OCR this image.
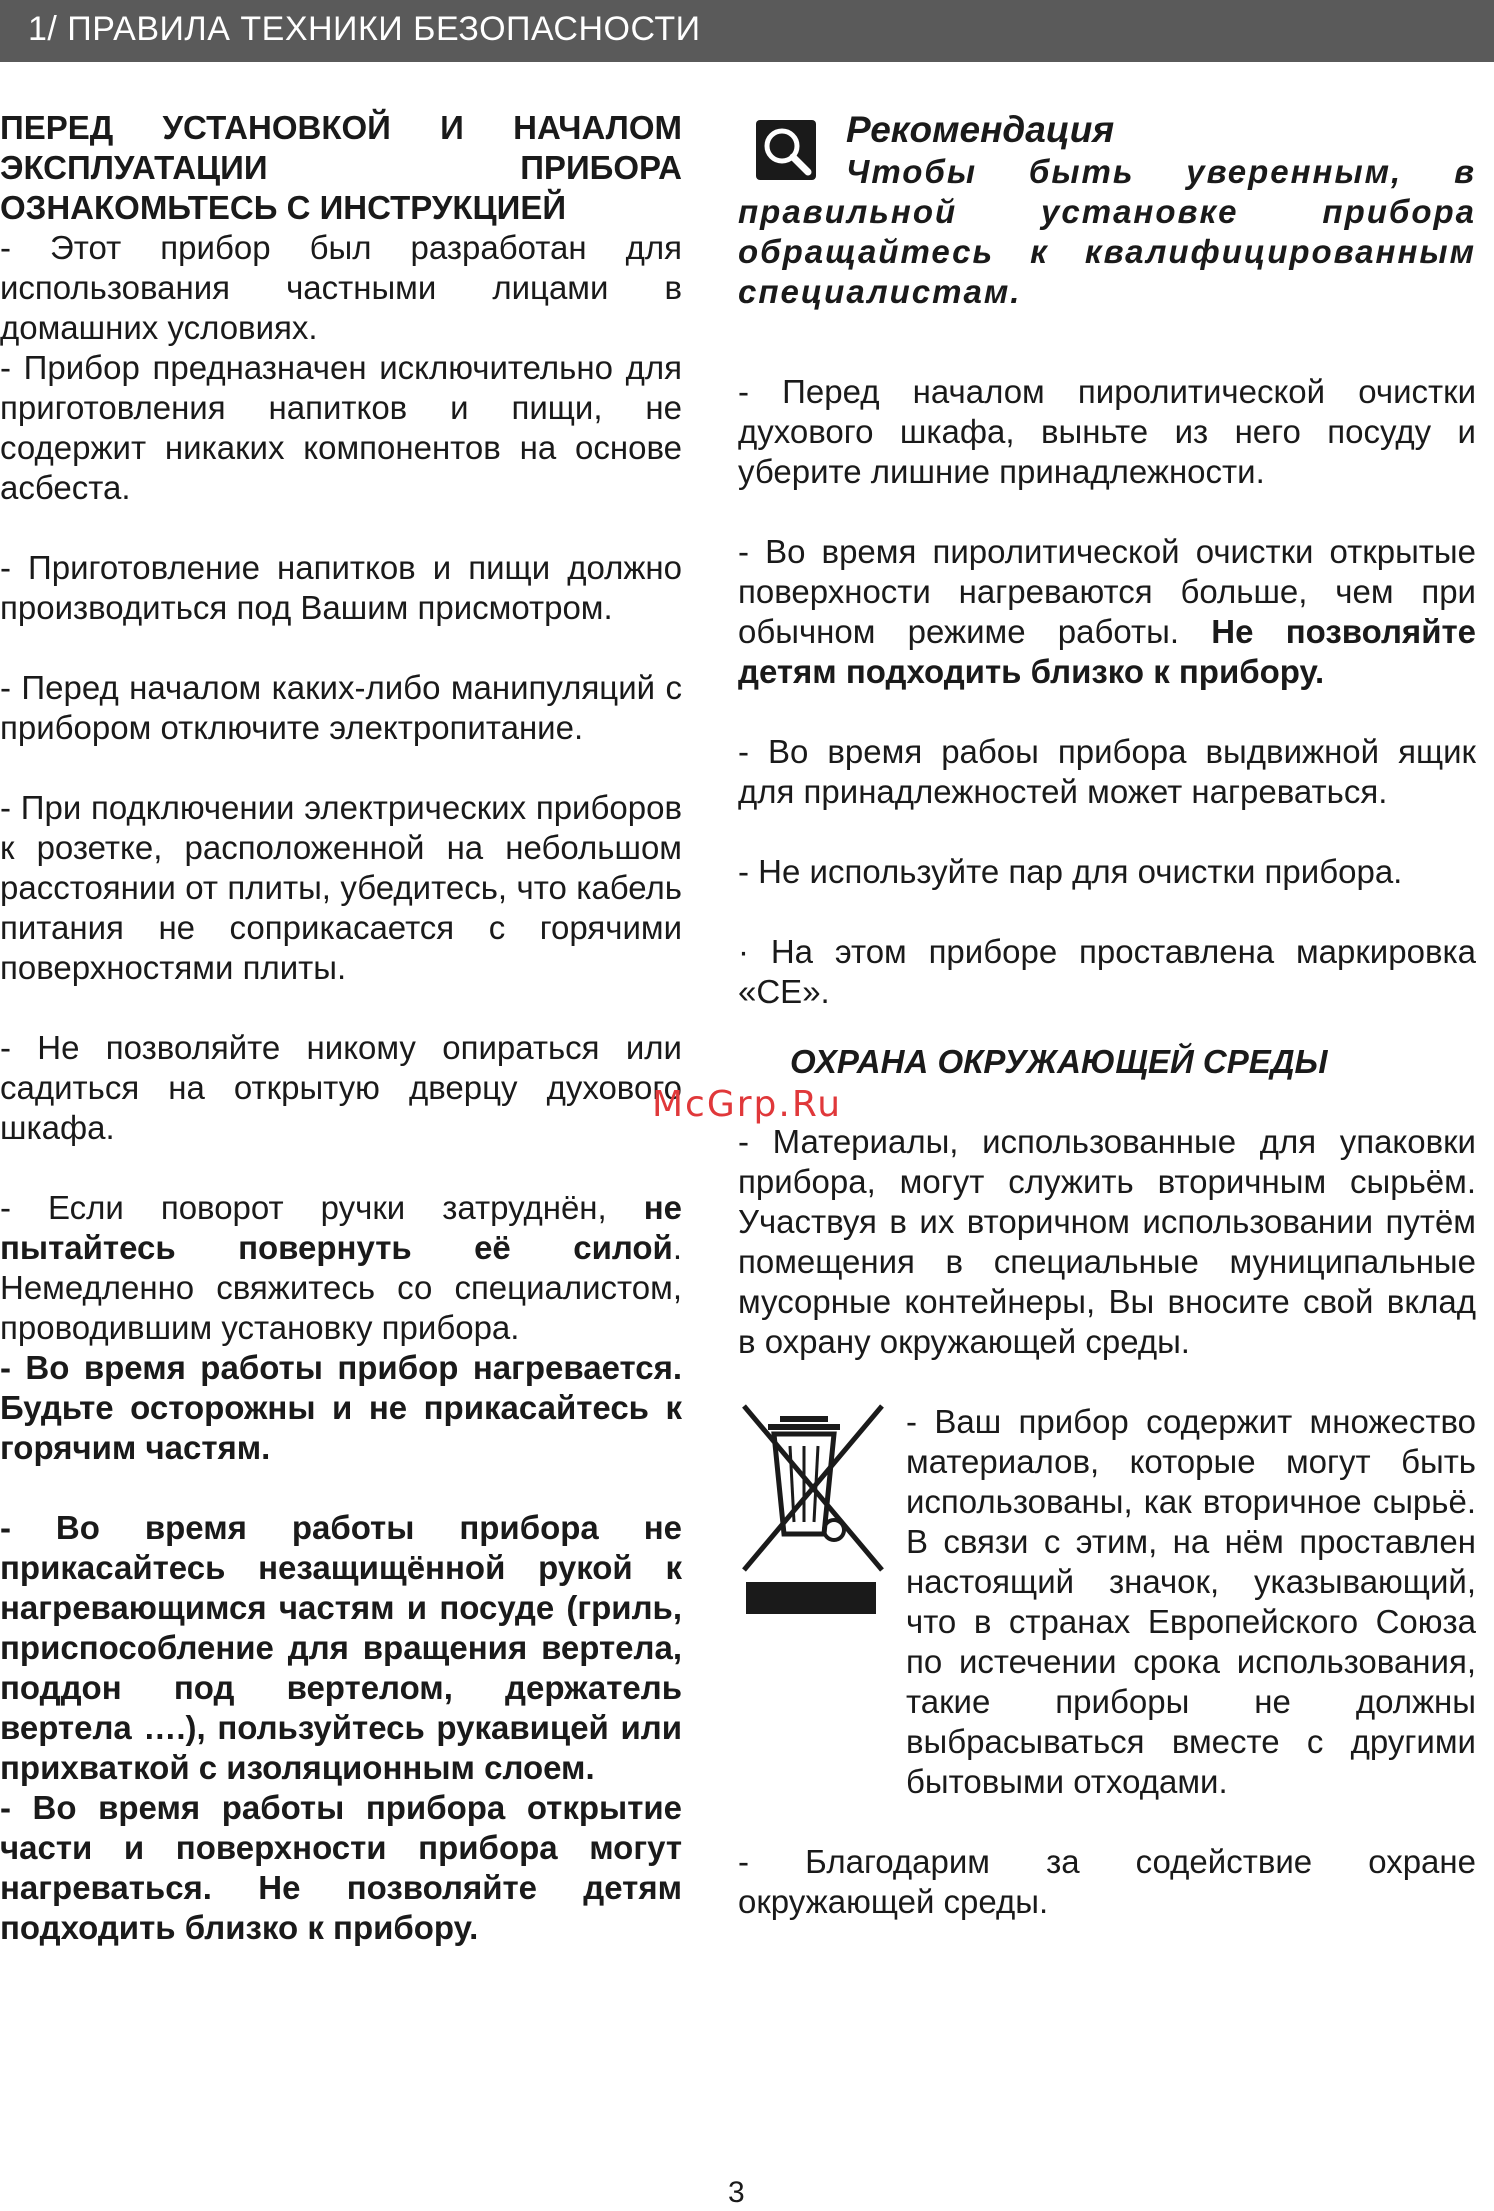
1/ ПРАВИЛА ТЕХНИКИ БЕЗОПАСНОСТИ

ПЕРЕД УСТАНОВКОЙ И НАЧАЛОМ ЭКСПЛУАТАЦИИ ПРИБОРА ОЗНАКОМЬТЕСЬ С ИНСТРУКЦИЕЙ

- Этот прибор был разработан для использования частными лицами в домашних условиях.

- Прибор предназначен исключительно для приготовления напитков и пищи, не содержит никаких компонентов на основе асбеста.

- Приготовление напитков и пищи должно производиться под Вашим присмотром.

- Перед началом каких-либо манипуляций с прибором отключите электропитание.

- При подключении электрических приборов к розетке, расположенной на небольшом расстоянии от плиты, убедитесь, что кабель питания не соприкасается с горячими поверхностями плиты.

- Не позволяйте никому опираться или садиться на открытую дверцу духового шкафа.

- Если поворот ручки затруднён, не пытайтесь повернуть её силой. Немедленно свяжитесь со специалистом, проводившим установку прибора.

- Во время работы прибор нагревается. Будьте осторожны и не прикасайтесь к горячим частям.

- Во время работы прибора не прикасайтесь незащищённой рукой к нагревающимся частям и посуде (гриль, приспособление для вращения вертела, поддон под вертелом, держатель вертела ….), пользуйтесь рукавицей или прихваткой с изоляционным слоем.

- Во время работы прибора открытие части и поверхности прибора могут нагреваться. Не позволяйте детям подходить близко к прибору.

Рекомендация

Чтобы быть уверенным, в правильной установке прибора обращайтесь к квалифицированным специалистам.

- Перед началом пиролитической очистки духового шкафа, выньте из него посуду и уберите лишние принадлежности.

- Во время пиролитической очистки открытые поверхности нагреваются больше, чем при обычном режиме работы. Не позволяйте детям подходить близко к прибору.

- Во время рабоы прибора выдвижной ящик для принадлежностей может нагреваться.

- Не используйте пар для очистки прибора.

· На этом приборе проставлена маркировка «CE».

ОХРАНА ОКРУЖАЮЩЕЙ СРЕДЫ

- Материалы, использованные для упаковки прибора, могут служить вторичным сырьём. Участвуя в их вторичном использовании путём помещения в специальные муниципальные мусорные контейнеры, Вы вносите свой вклад в охрану окружающей среды.

- Ваш прибор содержит множество материалов, которые могут быть использованы, как вторичное сырьё. В связи с этим, на нём проставлен настоящий значок, указывающий, что в странах Европейского Союза по истечении срока использования, такие приборы не должны выбрасываться вместе с другими бытовыми отходами.

- Благодарим за содействие охране окружающей среды.

McGrp.Ru
3
